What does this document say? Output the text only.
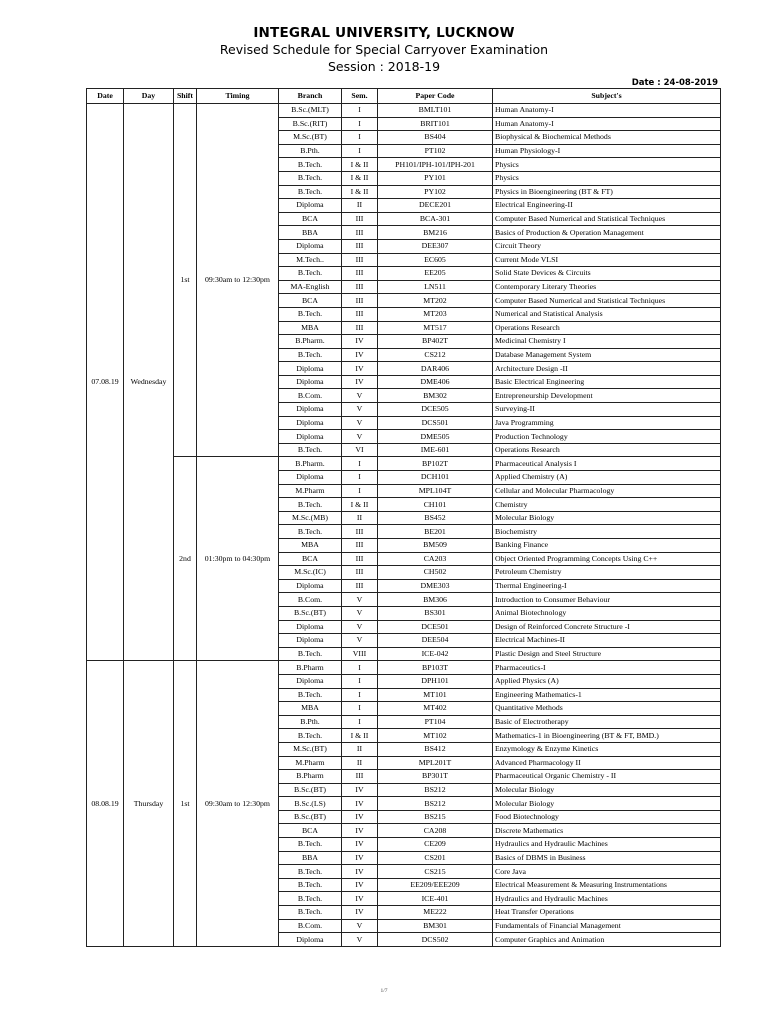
INTEGRAL UNIVERSITY, LUCKNOW
Revised Schedule for Special Carryover Examination
Session : 2018-19
Date : 24-08-2019
Date	Day	Shift	Timing	Branch	Sem.	Paper Code	Subject's
07.08.19	Wednesday	1st	09:30am to 12:30pm	B.Sc.(MLT)	I	BMLT101	Human Anatomy-I
				B.Sc.(RIT)	I	BRIT101	Human Anatomy-I
				M.Sc.(BT)	I	BS404	Biophysical & Biochemical Methods
				B.Pth.	I	PT102	Human Physiology-I
				B.Tech.	I & II	PH101/IPH-101/IPH-201	Physics
				B.Tech.	I & II	PY101	Physics
				B.Tech.	I & II	PY102	Physics in Bioengineering (BT & FT)
				Diploma	II	DECE201	Electrical Engineering-II
				BCA	III	BCA-301	Computer Based Numerical and Statistical Techniques
				BBA	III	BM216	Basics of Production & Operation Management
				Diploma	III	DEE307	Circuit Theory
				M.Tech..	III	EC605	Current Mode VLSI
				B.Tech.	III	EE205	Solid State Devices & Circuits
				MA-English	III	LN511	Contemporary Literary Theories
				BCA	III	MT202	Computer Based Numerical and Statistical Techniques
				B.Tech.	III	MT203	Numerical and Statistical Analysis
				MBA	III	MT517	Operations Research
				B.Pharm.	IV	BP402T	Medicinal Chemistry I
				B.Tech.	IV	CS212	Database Management System
				Diploma	IV	DAR406	Architecture Design -II
				Diploma	IV	DME406	Basic Electrical Engineering
				B.Com.	V	BM302	Entrepreneurship Development
				Diploma	V	DCE505	Surveying-II
				Diploma	V	DCS501	Java Programming
				Diploma	V	DME505	Production Technology
				B.Tech.	VI	IME-601	Operations Research
		2nd	01:30pm to 04:30pm	B.Pharm.	I	BP102T	Pharmaceutical Analysis I
				Diploma	I	DCH101	Applied Chemistry (A)
				M.Pharm	I	MPL104T	Cellular and Molecular Pharmacology
				B.Tech.	I & II	CH101	Chemistry
				M.Sc.(MB)	II	BS452	Molecular Biology
				B.Tech.	III	BE201	Biochemistry
				MBA	III	BM509	Banking Finance
				BCA	III	CA203	Object Oriented Programming Concepts Using C++
				M.Sc.(IC)	III	CH502	Petroleum Chemistry
				Diploma	III	DME303	Thermal Engineering-I
				B.Com.	V	BM306	Introduction to Consumer Behaviour
				B.Sc.(BT)	V	BS301	Animal Biotechnology
				Diploma	V	DCE501	Design of Reinforced Concrete Structure -I
				Diploma	V	DEE504	Electrical Machines-II
				B.Tech.	VIII	ICE-042	Plastic Design and Steel Structure
08.08.19	Thursday	1st	09:30am to 12:30pm	B.Pharm	I	BP103T	Pharmaceutics-I
				Diploma	I	DPH101	Applied Physics (A)
				B.Tech.	I	MT101	Engineering Mathematics-1
				MBA	I	MT402	Quantitative Methods
				B.Pth.	I	PT104	Basic of Electrotherapy
				B.Tech.	I & II	MT102	Mathematics-1 in Bioengineering (BT & FT, BMD.)
				M.Sc.(BT)	II	BS412	Enzymology & Enzyme Kinetics
				M.Pharm	II	MPL201T	Advanced Pharmacology II
				B.Pharm	III	BP301T	Pharmaceutical Organic Chemistry - II
				B.Sc.(BT)	IV	BS212	Molecular Biology
				B.Sc.(LS)	IV	BS212	Molecular Biology
				B.Sc.(BT)	IV	BS215	Food Biotechnology
				BCA	IV	CA208	Discrete Mathematics
				B.Tech.	IV	CE209	Hydraulics and Hydraulic Machines
				BBA	IV	CS201	Basics of DBMS in Business
				B.Tech.	IV	CS215	Core Java
				B.Tech.	IV	EE209/EEE209	Electrical Measurement & Measuring Instrumentations
				B.Tech.	IV	ICE-401	Hydraulics and Hydraulic Machines
				B.Tech.	IV	ME222	Heat Transfer Operations
				B.Com.	V	BM301	Fundamentals of Financial Management
				Diploma	V	DCS502	Computer Graphics and Animation
1/7
